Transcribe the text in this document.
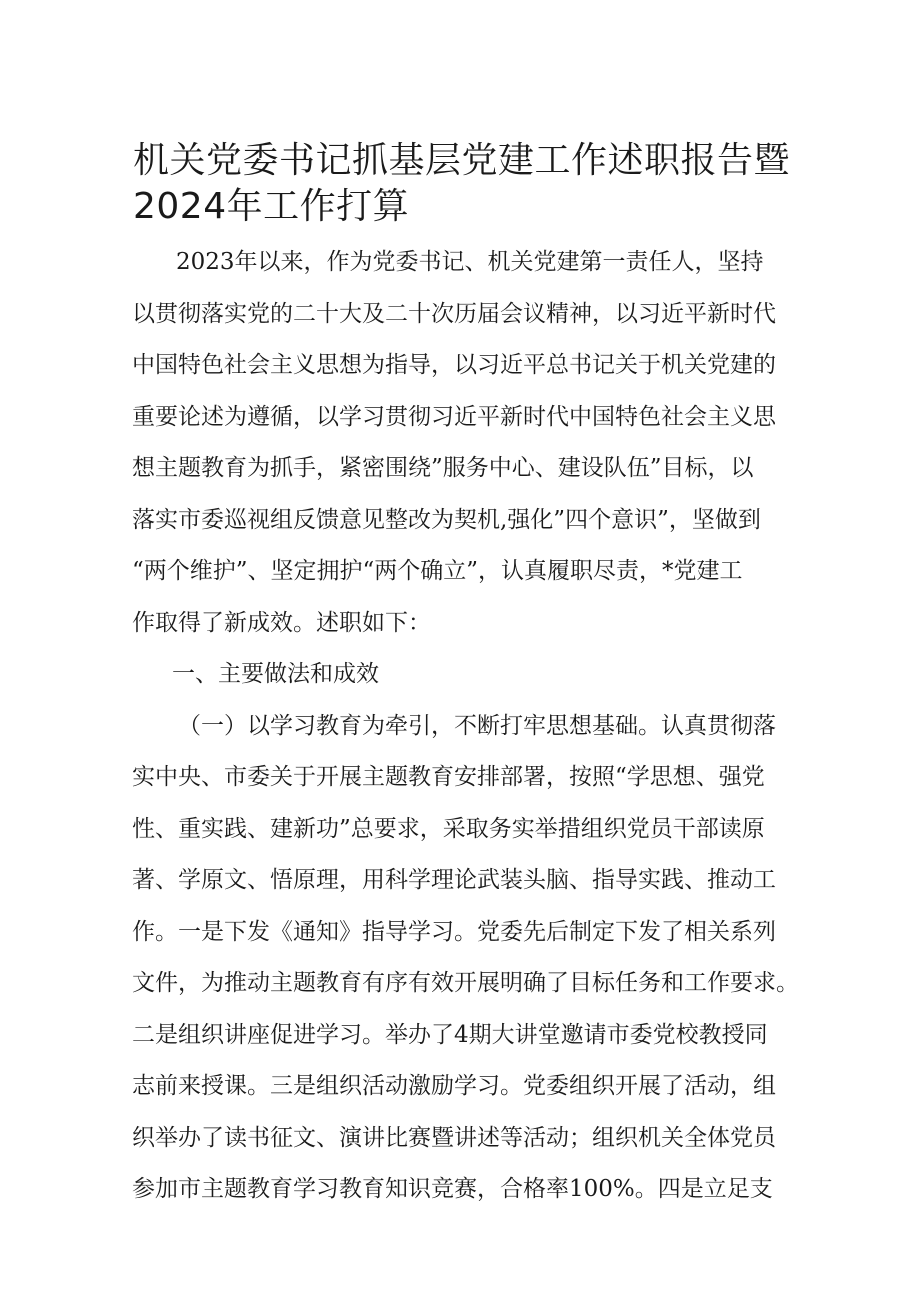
机关党委书记抓基层党建工作述职报告暨
2024年工作打算
2023年以来，作为党委书记、机关党建第一责任人，坚持
以贯彻落实党的二十大及二十次历届会议精神，以习近平新时代
中国特色社会主义思想为指导，以习近平总书记关于机关党建的
重要论述为遵循，以学习贯彻习近平新时代中国特色社会主义思
想主题教育为抓手，紧密围绕”服务中心、建设队伍”目标，以
落实市委巡视组反馈意见整改为契机,强化”四个意识”，坚做到
“两个维护”、坚定拥护“两个确立”，认真履职尽责，*党建工
作取得了新成效。述职如下：
一、主要做法和成效
（一）以学习教育为牵引，不断打牢思想基础。认真贯彻落
实中央、市委关于开展主题教育安排部署，按照“学思想、强党
性、重实践、建新功”总要求，采取务实举措组织党员干部读原
著、学原文、悟原理，用科学理论武装头脑、指导实践、推动工
作。一是下发《通知》指导学习。党委先后制定下发了相关系列
文件，为推动主题教育有序有效开展明确了目标任务和工作要求。
二是组织讲座促进学习。举办了4期大讲堂邀请市委党校教授同
志前来授课。三是组织活动激励学习。党委组织开展了活动，组
织举办了读书征文、演讲比赛暨讲述等活动；组织机关全体党员
参加市主题教育学习教育知识竞赛，合格率100%。四是立足支
